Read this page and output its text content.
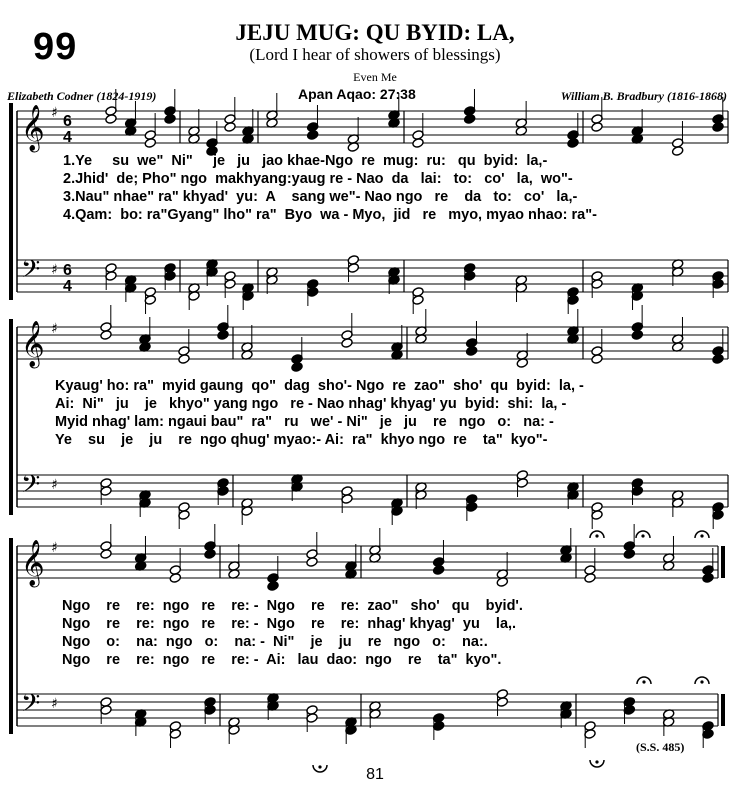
99	JEJU MUG: QU BYID: LA,
(Lord I hear of showers of blessings)
Even Me
Elizabeth Codner (1824-1919)	Apan Aqao: 27:38	William B. Bradbury (1816-1868)
𝄞 ♯ 6
4
𝄢 ♯ 6
4
𝄞 ♯
𝄢 ♯
𝄞 ♯
𝄢 ♯
1.Ye     su  we"  Ni"     je   ju   jao khae-Ngo  re  mug:  ru:   qu  byid:  la,-
2.Jhid'  de; Pho" ngo  makhyang:yaug re - Nao  da   lai:   to:   co'   la,  wo"-
3.Nau" nhae" ra" khyad'  yu:  A    sang we"- Nao ngo   re    da   to:   co'   la,-
4.Qam:  bo: ra"Gyang" lho" ra"  Byo  wa - Myo,  jid   re   myo, myao nhao: ra"-
Kyaug' ho: ra"  myid gaung  qo"  dag  sho'- Ngo  re  zao"  sho'  qu  byid:  la, -
Ai:  Ni"   ju    je   khyo" yang ngo   re - Nao nhag' khyag' yu  byid:  shi:  la, -
Myid nhag' lam: ngaui bau"  ra"   ru   we' - Ni"   je   ju    re   ngo   o:   na: -
Ye    su    je    ju    re  ngo qhug' myao:- Ai:  ra"  khyo ngo  re    ta"  kyo"-
Ngo    re    re:  ngo   re    re: -  Ngo    re    re:  zao"   sho'   qu    byid'.
Ngo    re    re:  ngo   re    re: -  Ngo    re    re:  nhag' khyag'  yu    la,.
Ngo    o:    na:  ngo   o:    na: -  Ni"    je    ju    re   ngo   o:    na:.
Ngo    re    re:  ngo   re    re: -  Ai:   lau  dao:  ngo    re    ta"  kyo".
(S.S. 485)
81
